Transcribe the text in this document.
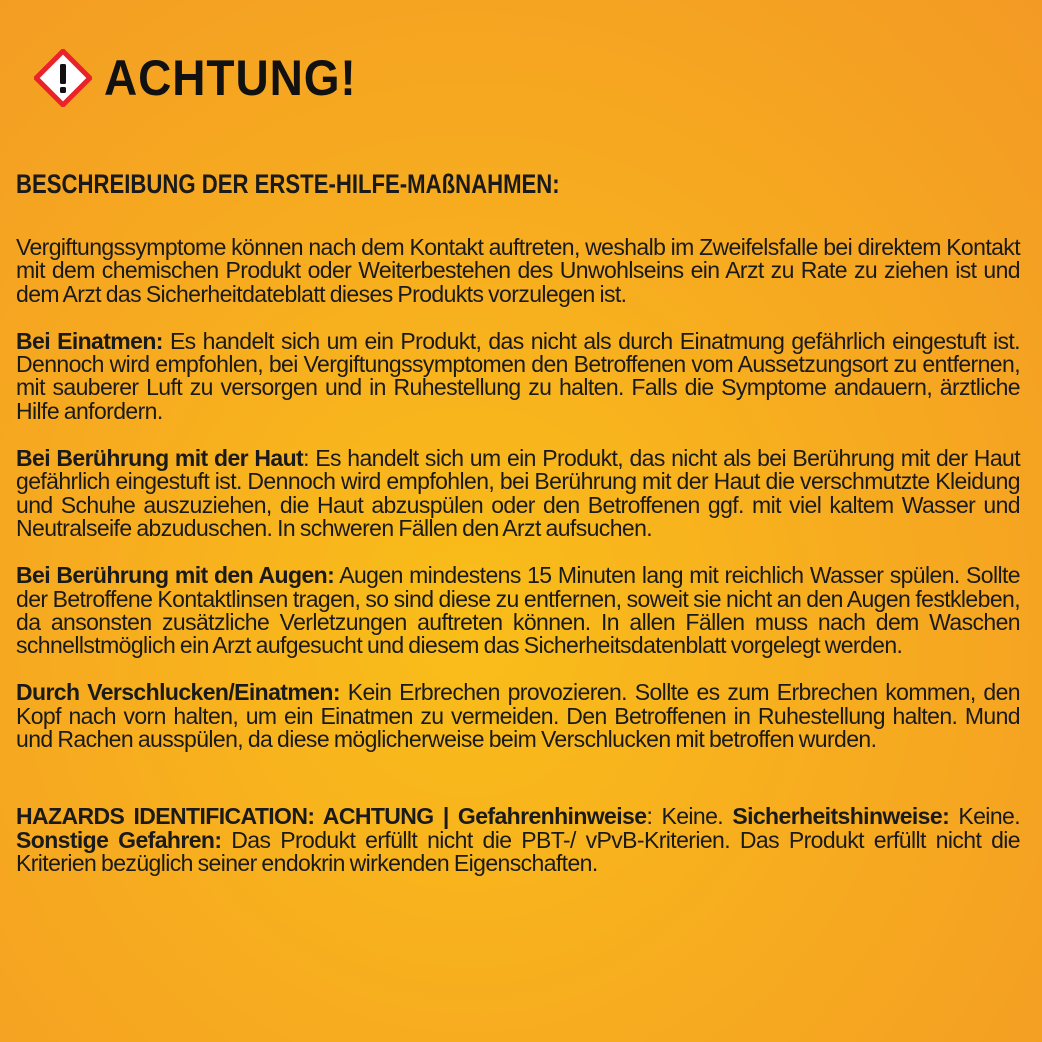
ACHTUNG!
BESCHREIBUNG DER ERSTE-HILFE-MAßNAHMEN:
Vergiftungssymptome können nach dem Kontakt auftreten, weshalb im Zweifelsfalle bei direktem Kontakt mit dem chemischen Produkt oder Weiterbestehen des Unwohlseins ein Arzt zu Rate zu ziehen ist und dem Arzt das Sicherheitdateblatt dieses Produkts vorzulegen ist.
Bei Einatmen: Es handelt sich um ein Produkt, das nicht als durch Einatmung gefährlich eingestuft ist. Dennoch wird empfohlen, bei Vergiftungssymptomen den Betroffenen vom Aussetzungsort zu entfernen, mit sauberer Luft zu versorgen und in Ruhestellung zu halten. Falls die Symptome andauern, ärztliche Hilfe anfordern.
Bei Berührung mit der Haut: Es handelt sich um ein Produkt, das nicht als bei Berührung mit der Haut gefährlich eingestuft ist. Dennoch wird empfohlen, bei Berührung mit der Haut die verschmutzte Kleidung und Schuhe auszuziehen, die Haut abzuspülen oder den Betroffenen ggf. mit viel kaltem Wasser und Neutralseife abzuduschen. In schweren Fällen den Arzt aufsuchen.
Bei Berührung mit den Augen: Augen mindestens 15 Minuten lang mit reichlich Wasser spülen. Sollte der Betroffene Kontaktlinsen tragen, so sind diese zu entfernen, soweit sie nicht an den Augen festkleben, da ansonsten zusätzliche Verletzungen auftreten können. In allen Fällen muss nach dem Waschen schnellstmöglich ein Arzt aufgesucht und diesem das Sicherheitsdatenblatt vorgelegt werden.
Durch Verschlucken/Einatmen: Kein Erbrechen provozieren. Sollte es zum Erbrechen kommen, den Kopf nach vorn halten, um ein Einatmen zu vermeiden. Den Betroffenen in Ruhestellung halten. Mund und Rachen ausspülen, da diese möglicherweise beim Verschlucken mit betroffen wurden.
HAZARDS IDENTIFICATION: ACHTUNG | Gefahrenhinweise: Keine. Sicherheitshinweise: Keine. Sonstige Gefahren: Das Produkt erfüllt nicht die PBT-/ vPvB-Kriterien. Das Produkt erfüllt nicht die Kriterien bezüglich seiner endokrin wirkenden Eigenschaften.
